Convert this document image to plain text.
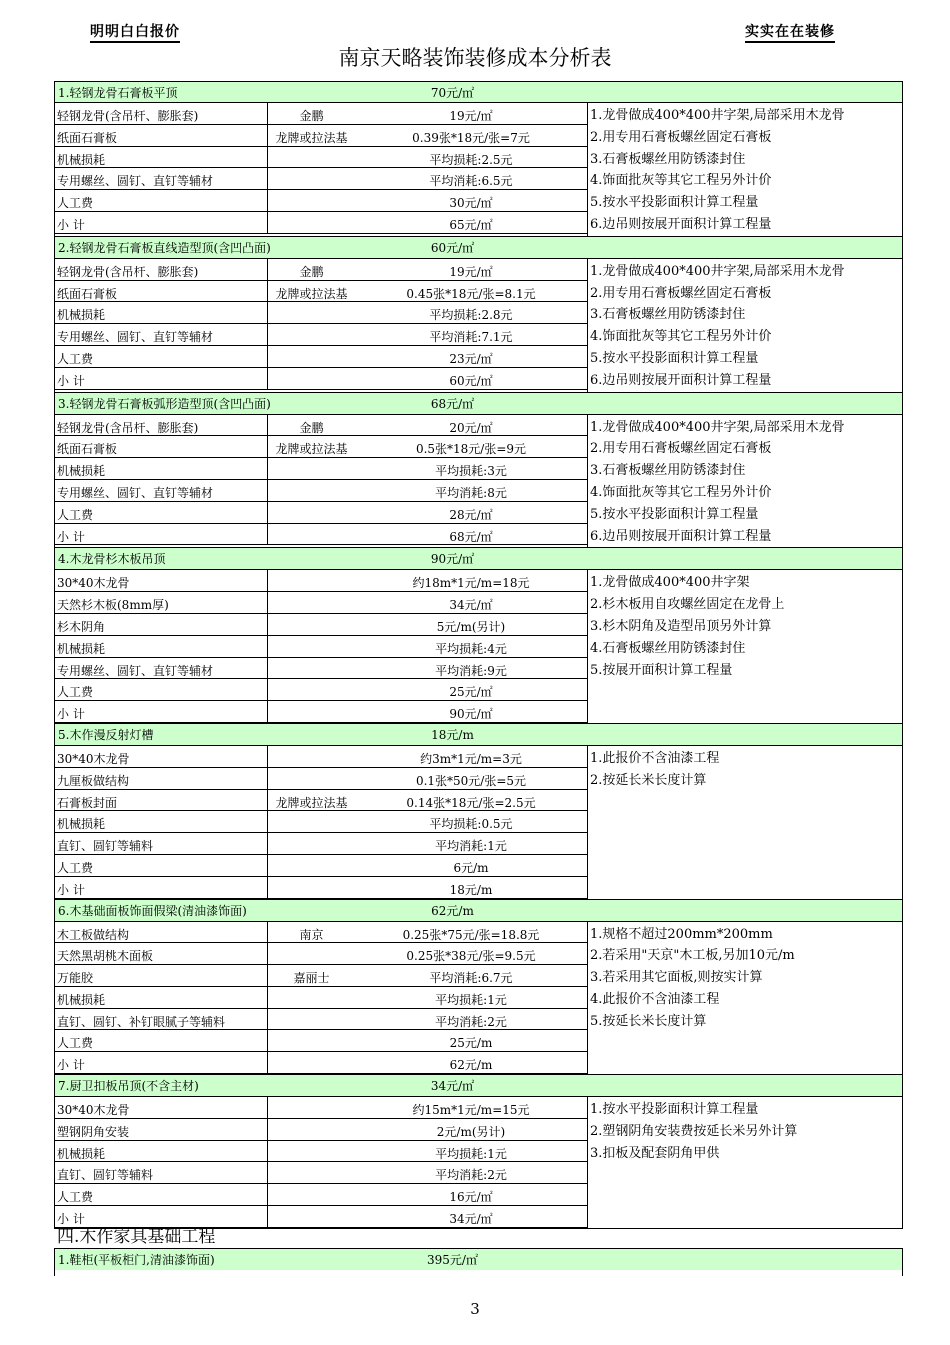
明明白白报价	实实在在装修
南京天略装饰装修成本分析表
1.轻钢龙骨石膏板平顶	70元/㎡
轻钢龙骨(含吊杆、膨胀套)	金鹏	19元/㎡
纸面石膏板	龙牌或拉法基	0.39张*18元/张=7元
机械损耗	平均损耗:2.5元
专用螺丝、圆钉、直钉等辅材	平均消耗:6.5元
人工费	30元/㎡
小 计	65元/㎡
1.龙骨做成400*400井字架,局部采用木龙骨
2.用专用石膏板螺丝固定石膏板
3.石膏板螺丝用防锈漆封住
4.饰面批灰等其它工程另外计价
5.按水平投影面积计算工程量
6.边吊则按展开面积计算工程量
2.轻钢龙骨石膏板直线造型顶(含凹凸面)	60元/㎡
轻钢龙骨(含吊杆、膨胀套)	金鹏	19元/㎡
纸面石膏板	龙牌或拉法基	0.45张*18元/张=8.1元
机械损耗	平均损耗:2.8元
专用螺丝、圆钉、直钉等辅材	平均消耗:7.1元
人工费	23元/㎡
小 计	60元/㎡
1.龙骨做成400*400井字架,局部采用木龙骨
2.用专用石膏板螺丝固定石膏板
3.石膏板螺丝用防锈漆封住
4.饰面批灰等其它工程另外计价
5.按水平投影面积计算工程量
6.边吊则按展开面积计算工程量
3.轻钢龙骨石膏板弧形造型顶(含凹凸面)	68元/㎡
轻钢龙骨(含吊杆、膨胀套)	金鹏	20元/㎡
纸面石膏板	龙牌或拉法基	0.5张*18元/张=9元
机械损耗	平均损耗:3元
专用螺丝、圆钉、直钉等辅材	平均消耗:8元
人工费	28元/㎡
小 计	68元/㎡
1.龙骨做成400*400井字架,局部采用木龙骨
2.用专用石膏板螺丝固定石膏板
3.石膏板螺丝用防锈漆封住
4.饰面批灰等其它工程另外计价
5.按水平投影面积计算工程量
6.边吊则按展开面积计算工程量
4.木龙骨杉木板吊顶	90元/㎡
30*40木龙骨	约18m*1元/m=18元
天然杉木板(8mm厚)	34元/㎡
杉木阴角	5元/m(另计)
机械损耗	平均损耗:4元
专用螺丝、圆钉、直钉等辅材	平均消耗:9元
人工费	25元/㎡
小 计	90元/㎡
1.龙骨做成400*400井字架
2.杉木板用自攻螺丝固定在龙骨上
3.杉木阴角及造型吊顶另外计算
4.石膏板螺丝用防锈漆封住
5.按展开面积计算工程量
5.木作漫反射灯槽	18元/m
30*40木龙骨	约3m*1元/m=3元
九厘板做结构	0.1张*50元/张=5元
石膏板封面	龙牌或拉法基	0.14张*18元/张=2.5元
机械损耗	平均损耗:0.5元
直钉、圆钉等辅料	平均消耗:1元
人工费	6元/m
小 计	18元/m
1.此报价不含油漆工程
2.按延长米长度计算
6.木基础面板饰面假梁(清油漆饰面)	62元/m
木工板做结构	南京	0.25张*75元/张=18.8元
天然黑胡桃木面板	0.25张*38元/张=9.5元
万能胶	嘉丽士	平均消耗:6.7元
机械损耗	平均损耗:1元
直钉、圆钉、补钉眼腻子等辅料	平均消耗:2元
人工费	25元/m
小 计	62元/m
1.规格不超过200mm*200mm
2.若采用"天京"木工板,另加10元/m
3.若采用其它面板,则按实计算
4.此报价不含油漆工程
5.按延长米长度计算
7.厨卫扣板吊顶(不含主材)	34元/㎡
30*40木龙骨	约15m*1元/m=15元
塑钢阴角安装	2元/m(另计)
机械损耗	平均损耗:1元
直钉、圆钉等辅料	平均消耗:2元
人工费	16元/㎡
小 计	34元/㎡
1.按水平投影面积计算工程量
2.塑钢阴角安装费按延长米另外计算
3.扣板及配套阴角甲供
四.木作家具基础工程
1.鞋柜(平板柜门,清油漆饰面)	395元/㎡
3
